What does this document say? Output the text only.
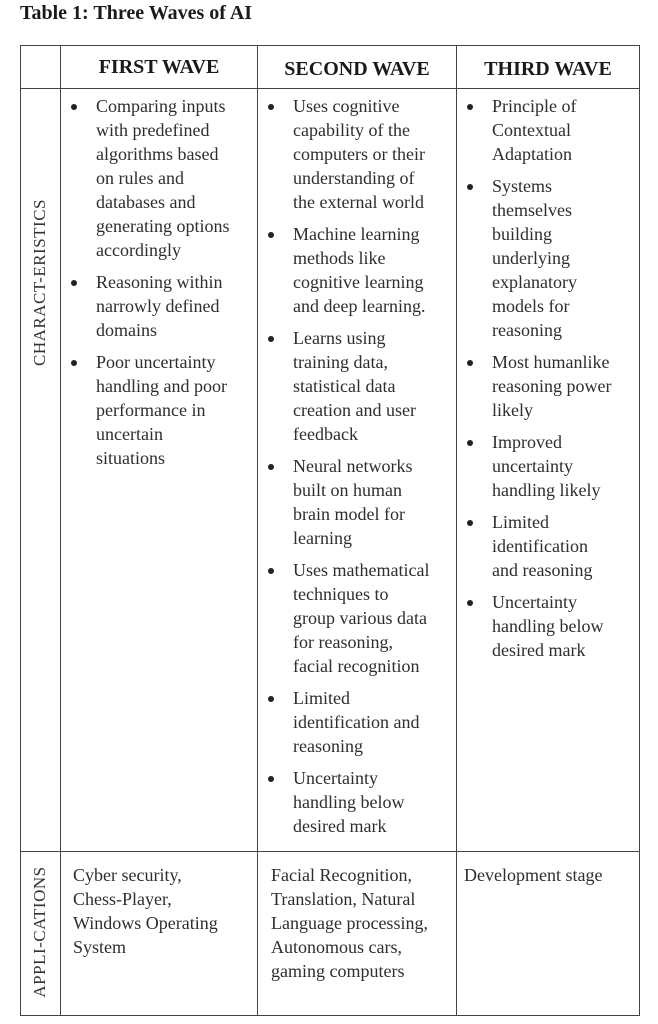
Table 1: Three Waves of AI
FIRST WAVE	SECOND WAVE	THIRD WAVE
CHARACT-ERISTICS
APPLI-CATIONS
Comparing inputs
with predefined
algorithms based
on rules and
databases and
generating options
accordingly
Reasoning within
narrowly defined
domains
Poor uncertainty
handling and poor
performance in
uncertain
situations
Uses cognitive
capability of the
computers or their
understanding of
the external world
Machine learning
methods like
cognitive learning
and deep learning.
Learns using
training data,
statistical data
creation and user
feedback
Neural networks
built on human
brain model for
learning
Uses mathematical
techniques to
group various data
for reasoning,
facial recognition
Limited
identification and
reasoning
Uncertainty
handling below
desired mark
Principle of
Contextual
Adaptation
Systems
themselves
building
underlying
explanatory
models for
reasoning
Most humanlike
reasoning power
likely
Improved
uncertainty
handling likely
Limited
identification
and reasoning
Uncertainty
handling below
desired mark
Cyber security,
Chess-Player,
Windows Operating
System
Facial Recognition,
Translation, Natural
Language processing,
Autonomous cars,
gaming computers
Development stage
